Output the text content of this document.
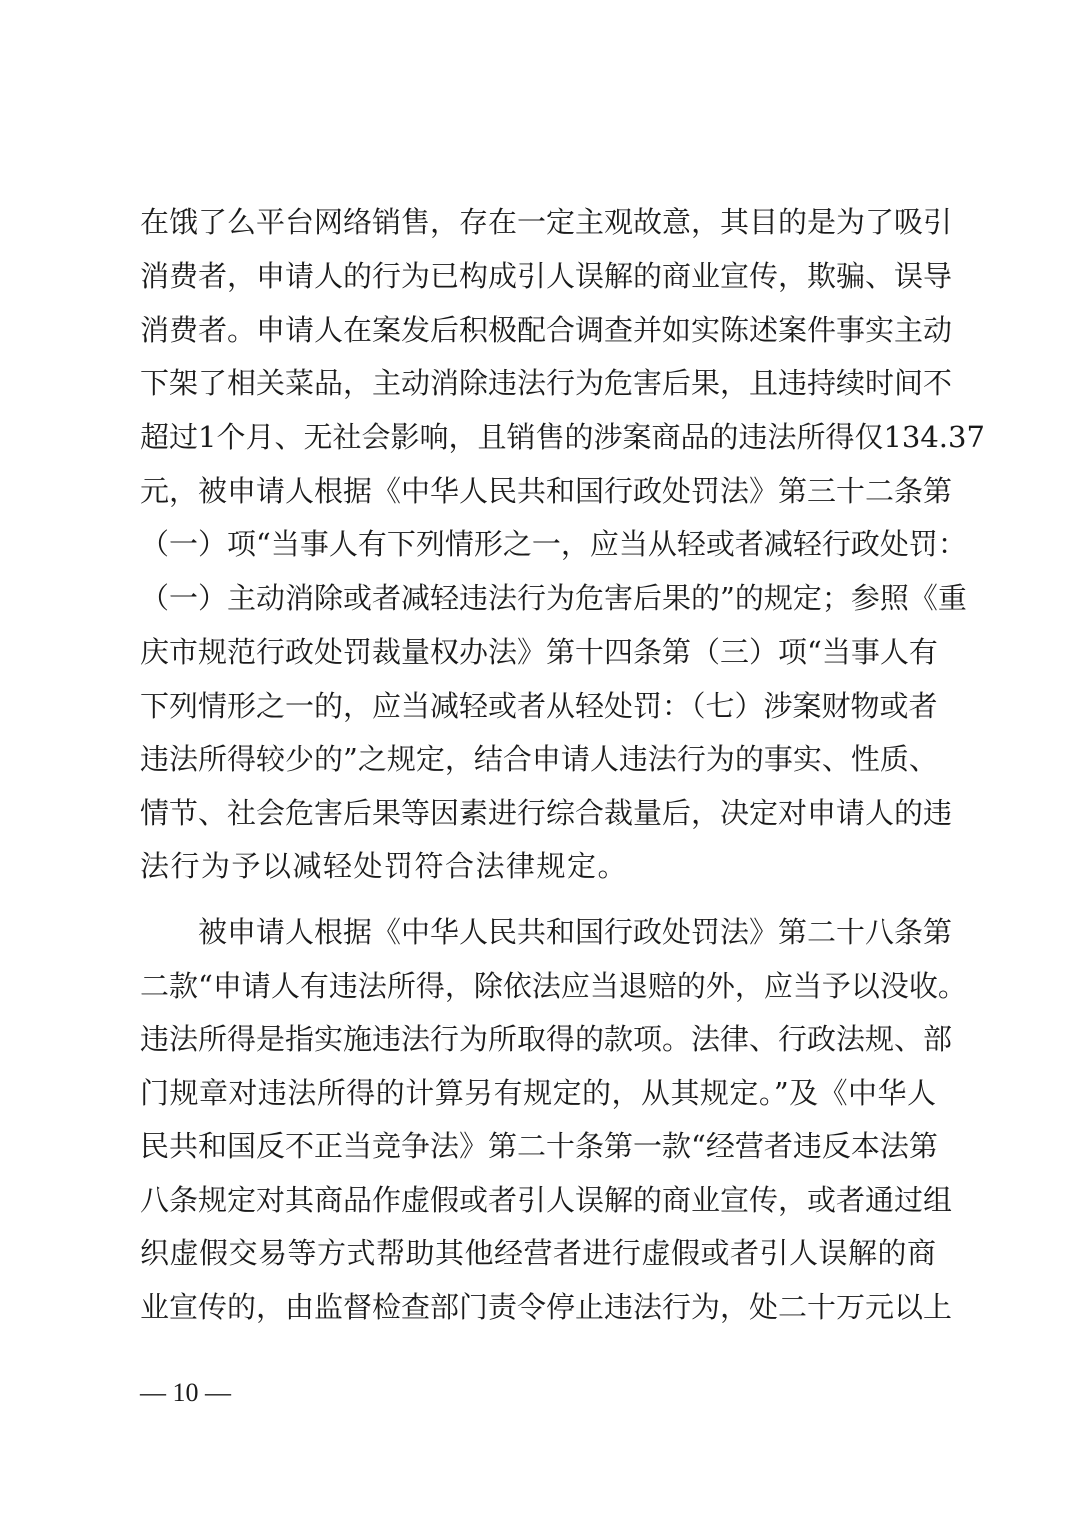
在饿了么平台网络销售，存在一定主观故意，其目的是为了吸引
消费者，申请人的行为已构成引人误解的商业宣传，欺骗、误导
消费者。申请人在案发后积极配合调查并如实陈述案件事实主动
下架了相关菜品，主动消除违法行为危害后果，且违持续时间不
超过1个月、无社会影响，且销售的涉案商品的违法所得仅134.37
元，被申请人根据《中华人民共和国行政处罚法》第三十二条第
（一）项“当事人有下列情形之一，应当从轻或者减轻行政处罚：
（一）主动消除或者减轻违法行为危害后果的”的规定；参照《重
庆市规范行政处罚裁量权办法》第十四条第（三）项“当事人有
下列情形之一的，应当减轻或者从轻处罚：（七）涉案财物或者
违法所得较少的”之规定，结合申请人违法行为的事实、性质、
情节、社会危害后果等因素进行综合裁量后，决定对申请人的违
法行为予以减轻处罚符合法律规定。
被申请人根据《中华人民共和国行政处罚法》第二十八条第
二款“申请人有违法所得，除依法应当退赔的外，应当予以没收。
违法所得是指实施违法行为所取得的款项。法律、行政法规、部
门规章对违法所得的计算另有规定的，从其规定。”及《中华人
民共和国反不正当竞争法》第二十条第一款“经营者违反本法第
八条规定对其商品作虚假或者引人误解的商业宣传，或者通过组
织虚假交易等方式帮助其他经营者进行虚假或者引人误解的商
业宣传的，由监督检查部门责令停止违法行为，处二十万元以上
— 10 —
